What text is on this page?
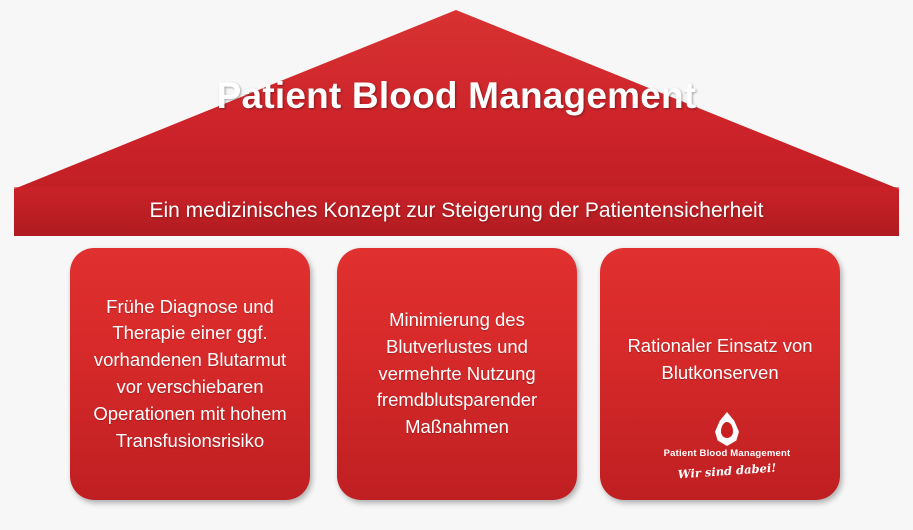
Patient Blood Management
Ein medizinisches Konzept zur Steigerung der Patientensicherheit
Frühe Diagnose und Therapie einer ggf. vorhandenen Blutarmut vor verschiebaren Operationen mit hohem Transfusionsrisiko
Minimierung des Blutverlustes und vermehrte Nutzung fremdblutsparender Maßnahmen
Rationaler Einsatz von Blutkonserven
Patient Blood Management
Wir sind dabei!
